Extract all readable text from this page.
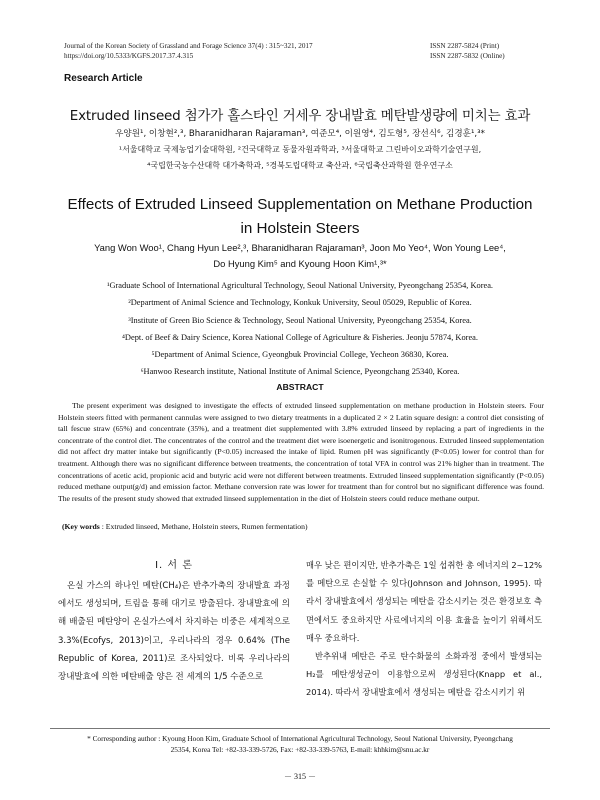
Journal of the Korean Society of Grassland and Forage Science 37(4) : 315~321, 2017
https://doi.org/10.5333/KGFS.2017.37.4.315
ISSN 2287-5824 (Print)
ISSN 2287-5832 (Online)
Research Article
Extruded linseed 첨가가 홀스타인 거세우 장내발효 메탄발생량에 미치는 효과
우양원¹, 이창현²,³, Bharanidharan Rajaraman³, 여준모⁴, 이원영⁴, 김도형⁵, 장선식⁶, 김경훈¹,³*
¹서울대학교 국제농업기술대학원, ²건국대학교 동물자원과학과, ³서울대학교 그린바이오과학기술연구원,
⁴국립한국농수산대학 대가축학과, ⁵경북도립대학교 축산과, ⁶국립축산과학원 한우연구소
Effects of Extruded Linseed Supplementation on Methane Production in Holstein Steers
Yang Won Woo¹, Chang Hyun Lee²,³, Bharanidharan Rajaraman³, Joon Mo Yeo⁴, Won Young Lee⁴,
Do Hyung Kim⁵ and Kyoung Hoon Kim¹,³*
¹Graduate School of International Agricultural Technology, Seoul National University, Pyeongchang 25354, Korea.
²Department of Animal Science and Technology, Konkuk University, Seoul 05029, Republic of Korea.
³Institute of Green Bio Science & Technology, Seoul National University, Pyeongchang 25354, Korea.
⁴Dept. of Beef & Dairy Science, Korea National College of Agriculture & Fisheries. Jeonju 57874, Korea.
⁵Department of Animal Science, Gyeongbuk Provincial College, Yecheon 36830, Korea.
⁶Hanwoo Research institute, National Institute of Animal Science, Pyeongchang 25340, Korea.
ABSTRACT

The present experiment was designed to investigate the effects of extruded linseed supplementation on methane production in Holstein steers. Four Holstein steers fitted with permanent cannulas were assigned to two dietary treatments in a duplicated 2 × 2 Latin square design: a control diet consisting of tall fescue straw (65%) and concentrate (35%), and a treatment diet supplemented with 3.8% extruded linseed by replacing a part of ingredients in the concentrate of the control diet. The concentrates of the control and the treatment diet were isoenergetic and isonitrogenous. Extruded linseed supplementation did not affect dry matter intake but significantly (P<0.05) increased the intake of lipid. Rumen pH was significantly (P<0.05) lower for control than for treatment. Although there was no significant difference between treatments, the concentration of total VFA in control was 21% higher than in treatment. The concentrations of acetic acid, propionic acid and butyric acid were not different between treatments. Extruded linseed supplementation significantly (P<0.05) reduced methane output(g/d) and emission factor. Methane conversion rate was lower for treatment than for control but no significant difference was found. The results of the present study showed that extruded linseed supplementation in the diet of Holstein steers could reduce methane output.

(Key words : Extruded linseed, Methane, Holstein steers, Rumen fermentation)
Ⅰ. 서 론

온실 가스의 하나인 메탄(CH₄)은 반추가축의 장내발효 과정에서도 생성되며, 트림을 통해 대기로 방출된다. 장내발효에 의해 배출된 메탄양이 온실가스에서 차지하는 비중은 세계적으로 3.3%(Ecofys, 2013)이고, 우리나라의 경우 0.64% (The Republic of Korea, 2011)로 조사되었다. 비록 우리나라의 장내발효에 의한 메탄배출 양은 전 세계의 1/5 수준으로

매우 낮은 편이지만, 반추가축은 1일 섭취한 총 에너지의 2~12%를 메탄으로 손실할 수 있다(Johnson and Johnson, 1995). 따라서 장내발효에서 생성되는 메탄을 감소시키는 것은 환경보호 측면에서도 중요하지만 사료에너지의 이용 효율을 높이기 위해서도 매우 중요하다.

반추위내 메탄은 주로 탄수화물의 소화과정 중에서 발생되는 H₂를 메탄생성균이 이용함으로써 생성된다(Knapp et al., 2014). 따라서 장내발효에서 생성되는 메탄을 감소시키기 위

* Corresponding author : Kyoung Hoon Kim, Graduate School of International Agricultural Technology, Seoul National University, Pyeongchang
25354, Korea Tel: +82-33-339-5726, Fax: +82-33-339-5763, E-mail: khhkim@snu.ac.kr
－ 315 －
